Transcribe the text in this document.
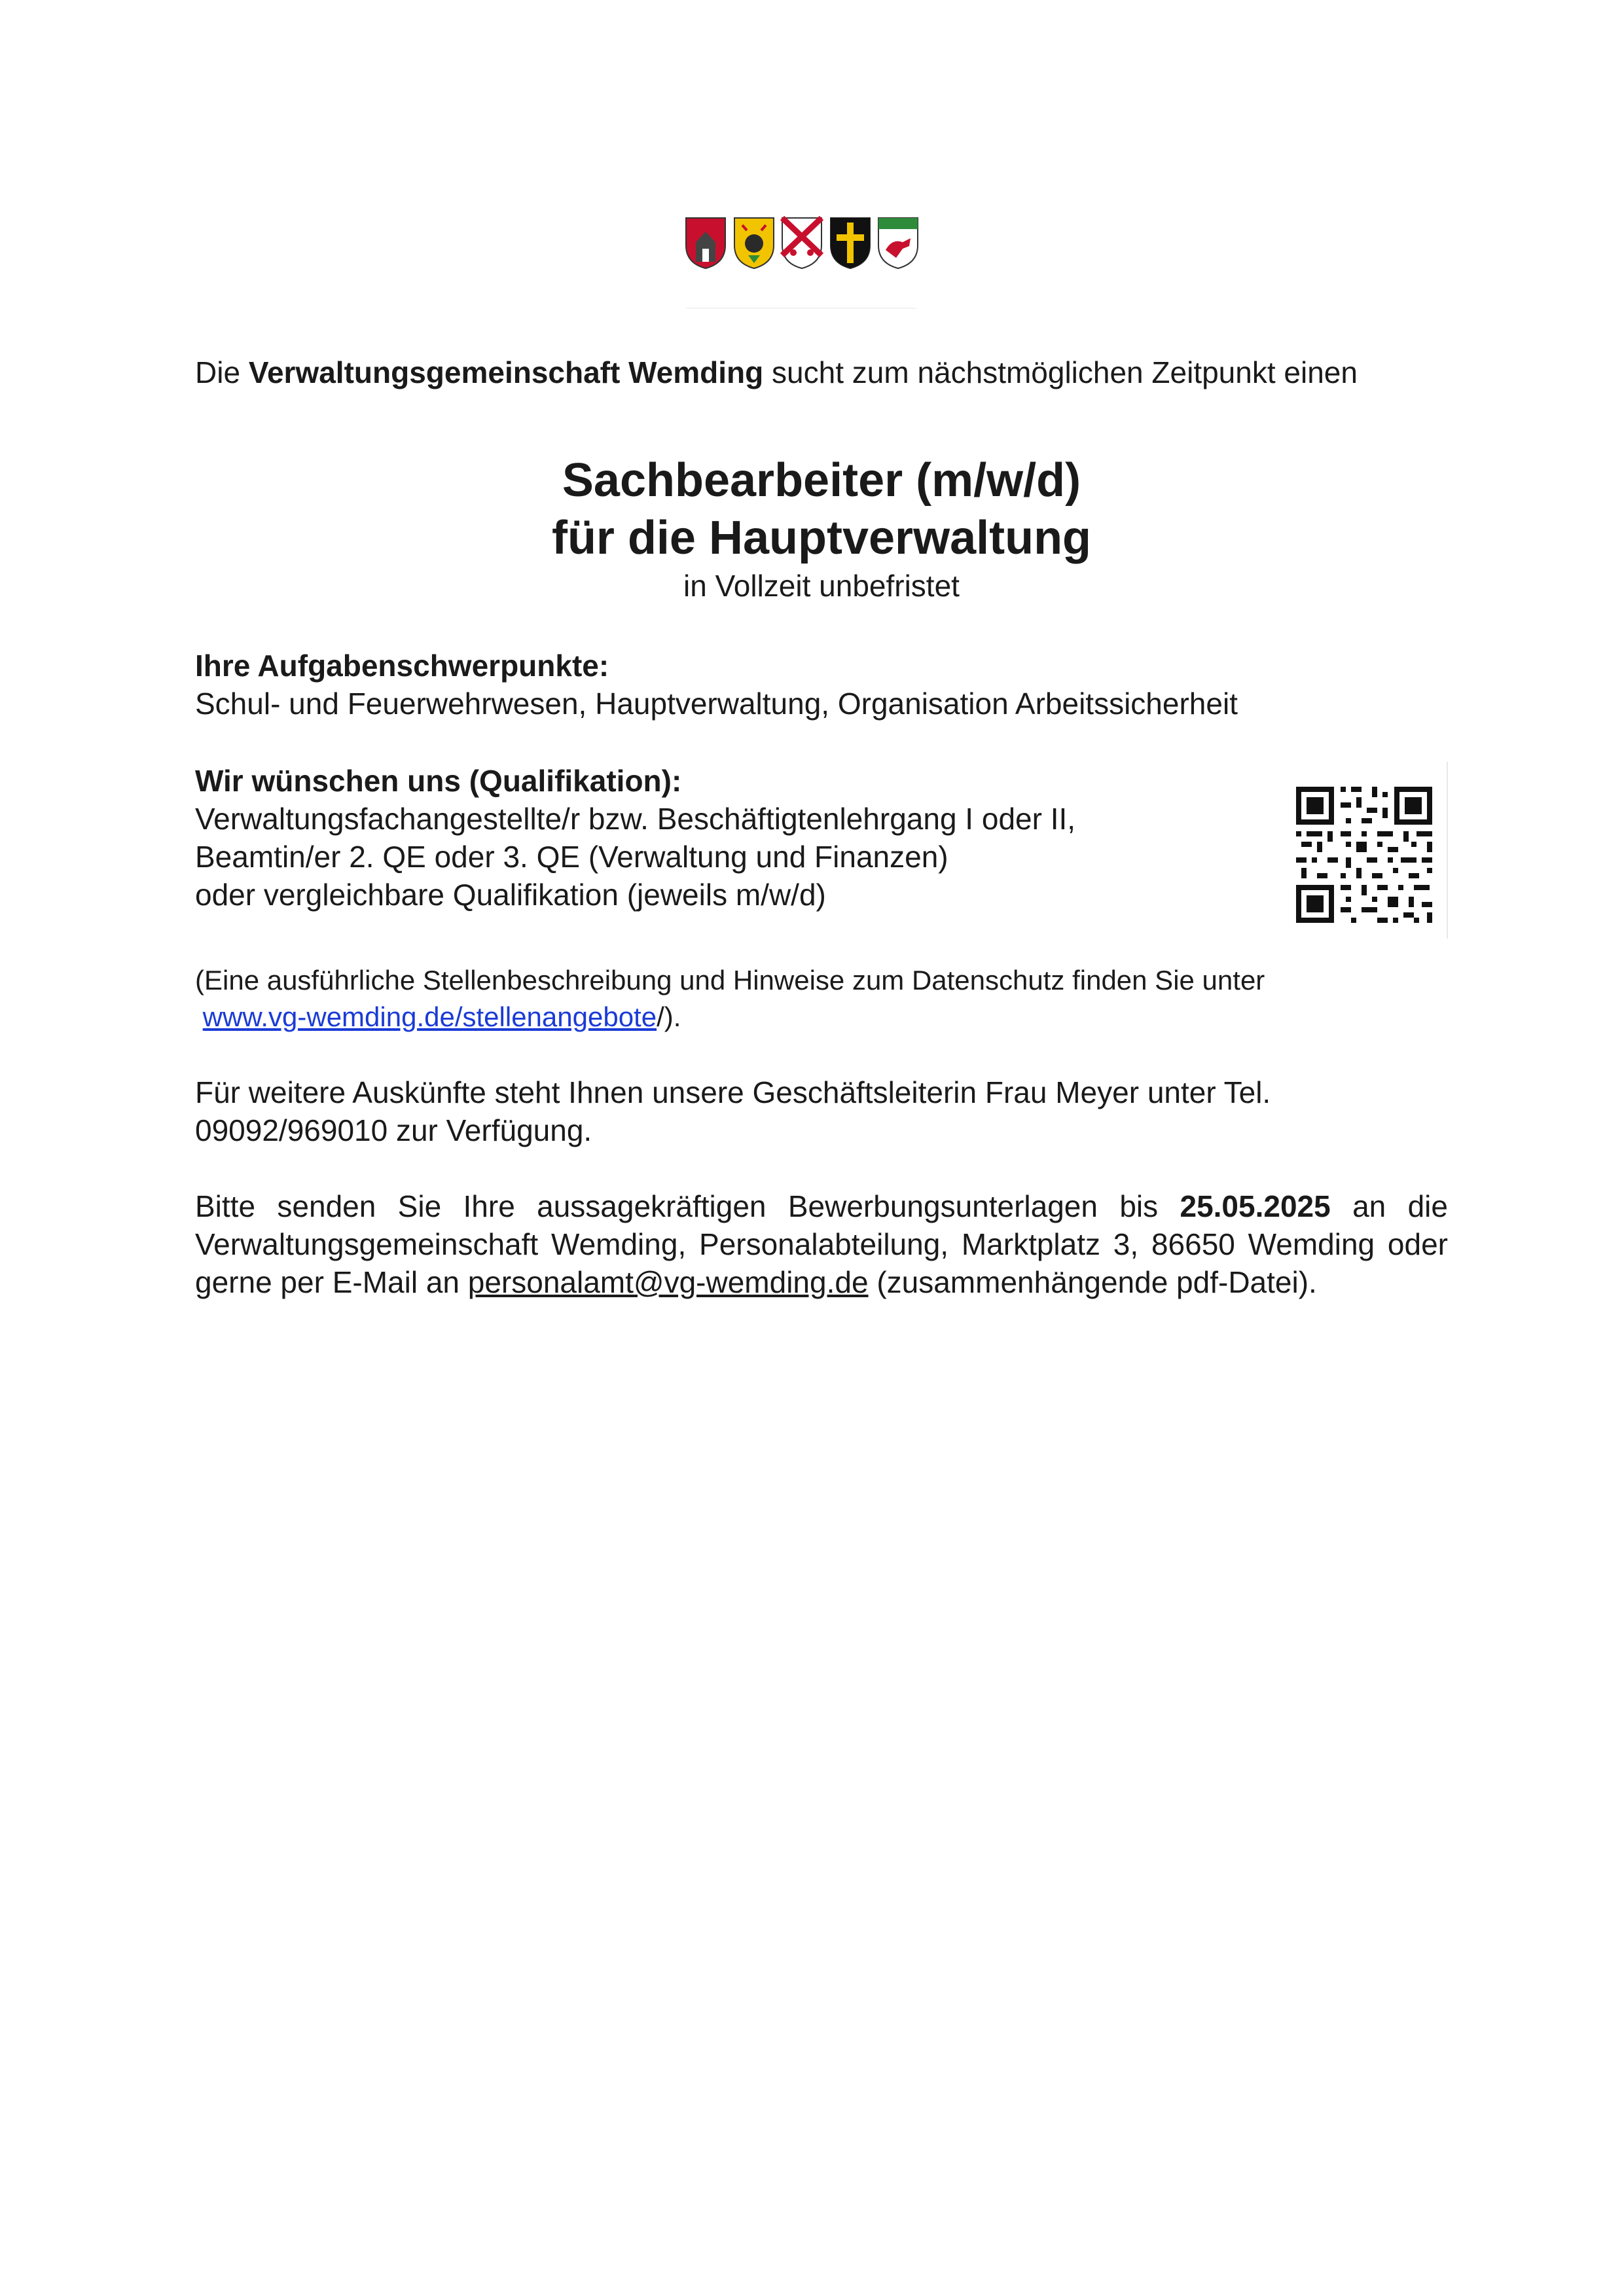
Die Verwaltungsgemeinschaft Wemding sucht zum nächstmöglichen Zeitpunkt einen

Sachbearbeiter (m/w/d)
für die Hauptverwaltung

in Vollzeit unbefristet

Ihre Aufgabenschwerpunkte:

Schul- und Feuerwehrwesen, Hauptverwaltung, Organisation Arbeitssicherheit

Wir wünschen uns (Qualifikation):

Verwaltungsfachangestellte/r bzw. Beschäftigtenlehrgang I oder II,

Beamtin/er 2. QE oder 3. QE (Verwaltung und Finanzen)

oder vergleichbare Qualifikation (jeweils m/w/d)

(Eine ausführliche Stellenbeschreibung und Hinweise zum Datenschutz finden Sie unter

www.vg-wemding.de/stellenangebote/).

Für weitere Auskünfte steht Ihnen unsere Geschäftsleiterin Frau Meyer unter Tel.

09092/969010 zur Verfügung.

Bitte senden Sie Ihre aussagekräftigen Bewerbungsunterlagen bis 25.05.2025 an die Verwaltungsgemeinschaft Wemding, Personalabteilung, Marktplatz 3, 86650 Wemding oder gerne per E-Mail an personalamt@vg-wemding.de (zusammenhängende pdf-Datei).
